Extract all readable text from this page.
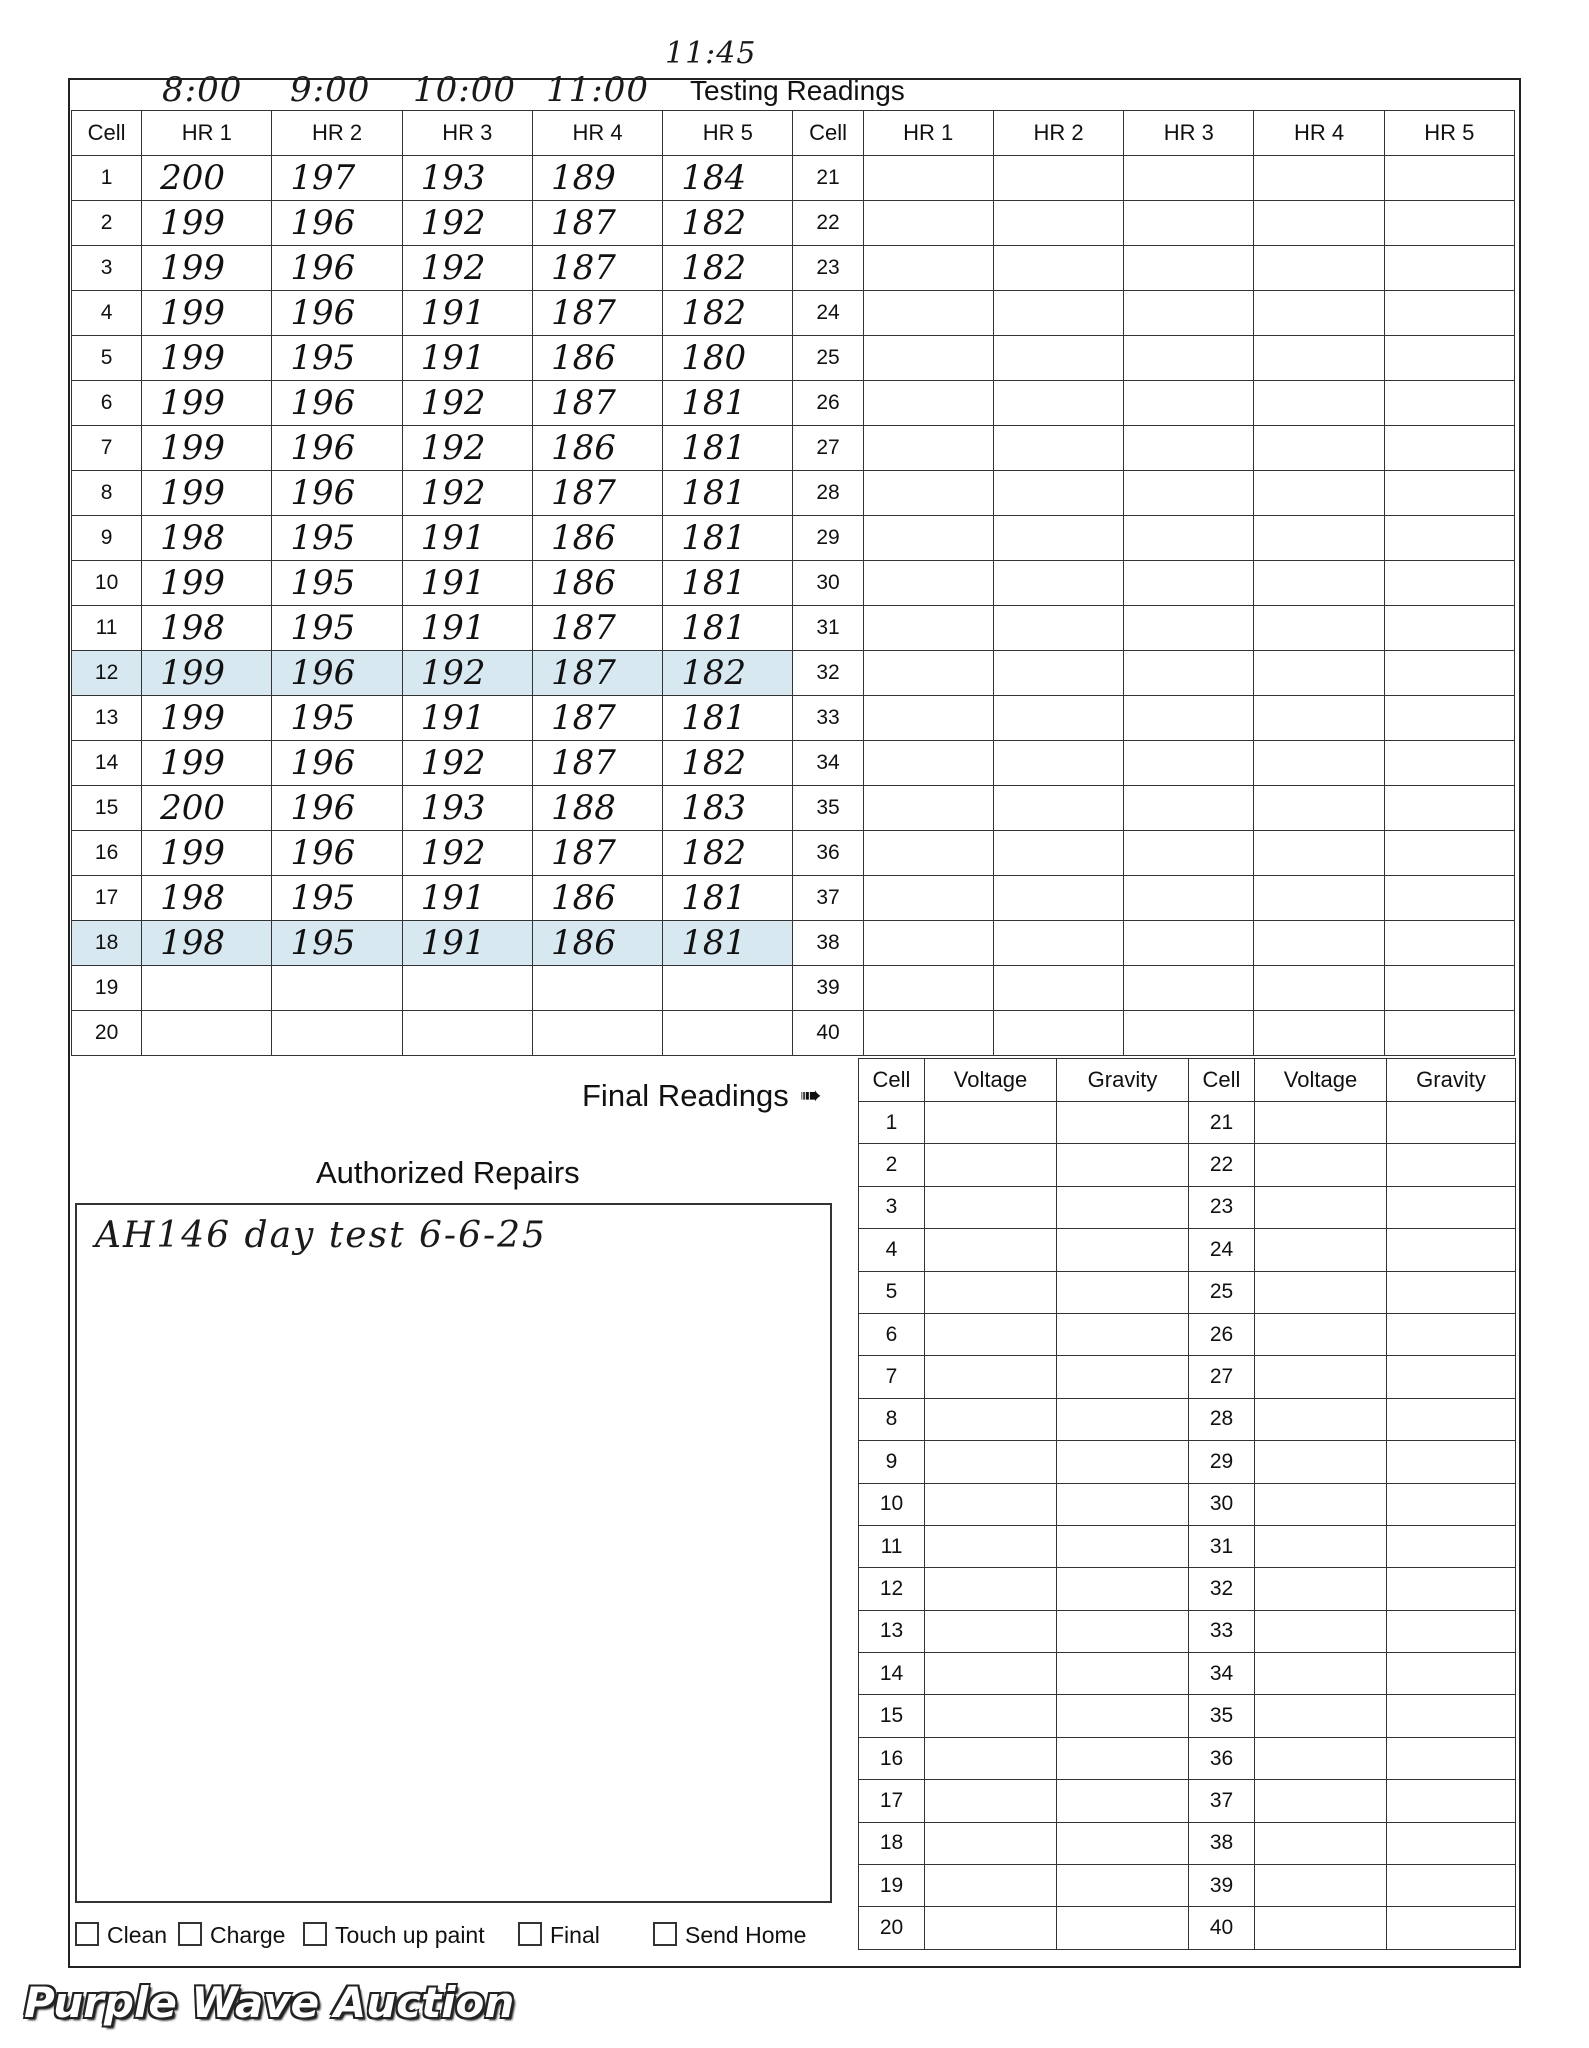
8:00 9:00 10:00 11:00
11:45
Testing Readings
Cell	HR 1	HR 2	HR 3	HR 4	HR 5	Cell	HR 1	HR 2	HR 3	HR 4	HR 5
1	200	197	193	189	184	21					
2	199	196	192	187	182	22					
3	199	196	192	187	182	23					
4	199	196	191	187	182	24					
5	199	195	191	186	180	25					
6	199	196	192	187	181	26					
7	199	196	192	186	181	27					
8	199	196	192	187	181	28					
9	198	195	191	186	181	29					
10	199	195	191	186	181	30					
11	198	195	191	187	181	31					
12	199	196	192	187	182	32					
13	199	195	191	187	181	33					
14	199	196	192	187	182	34					
15	200	196	193	188	183	35					
16	199	196	192	187	182	36					
17	198	195	191	186	181	37					
18	198	195	191	186	181	38					
19						39					
20						40					
Final Readings ➠
Cell	Voltage	Gravity	Cell	Voltage	Gravity
1			21		
2			22		
3			23		
4			24		
5			25		
6			26		
7			27		
8			28		
9			29		
10			30		
11			31		
12			32		
13			33		
14			34		
15			35		
16			36		
17			37		
18			38		
19			39		
20			40		
Authorized Repairs
AH146 day test 6-6-25
Clean	Charge	Touch up paint	Final	Send Home
Purple Wave Auction
